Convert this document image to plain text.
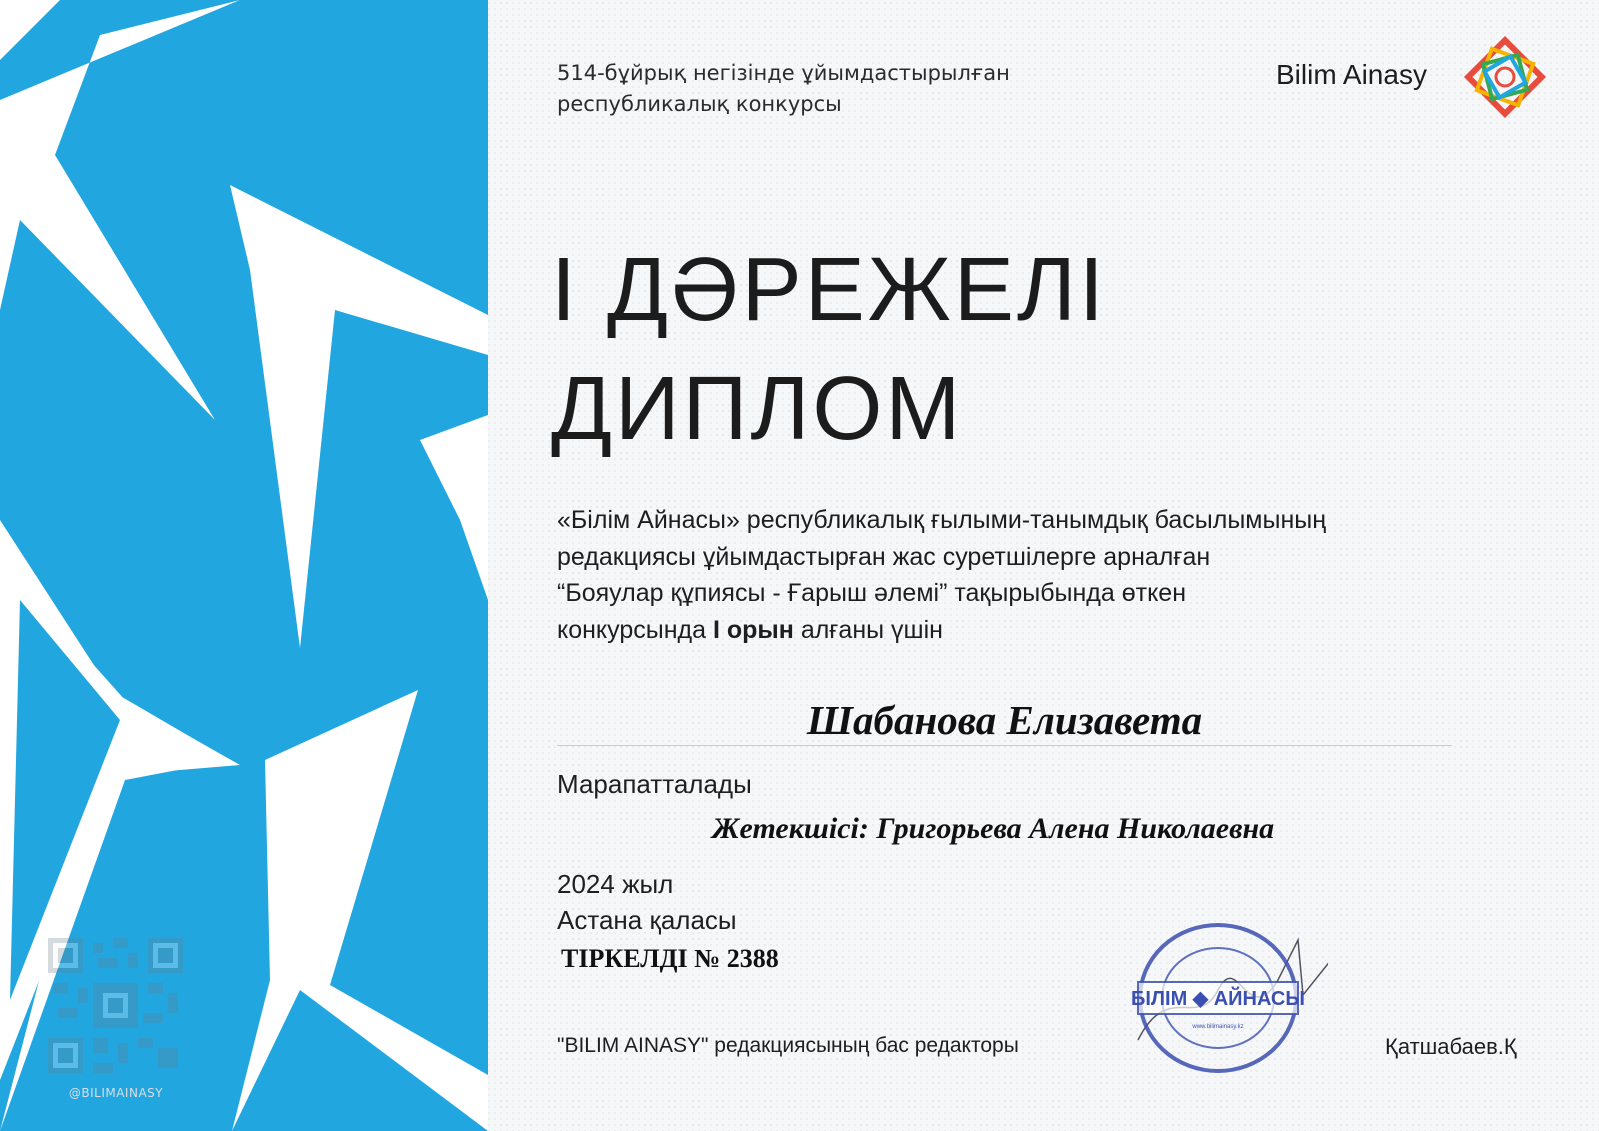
@BILIMAINASY
514-бұйрық негізінде ұйымдастырылған
республикалық конкурсы
Bilim Ainasy
І ДӘРЕЖЕЛІ
ДИПЛОМ
«Білім Айнасы» республикалық ғылыми-танымдық басылымының
редакциясы ұйымдастырған жас суретшілерге арналған
“Бояулар құпиясы - Ғарыш әлемі” тақырыбында өткен
конкурсында І орын алғаны үшін
Шабанова Елизавета
Марапатталады
Жетекшісі: Григорьева Алена Николаевна
2024 жыл
Астана қаласы
ТІРКЕЛДІ № 2388
"BILIM AINASY" редакциясының бас редакторы	Қатшабаев.Қ
БІЛІМ ◆ АЙНАСЫ
www.bilimainasy.kz
